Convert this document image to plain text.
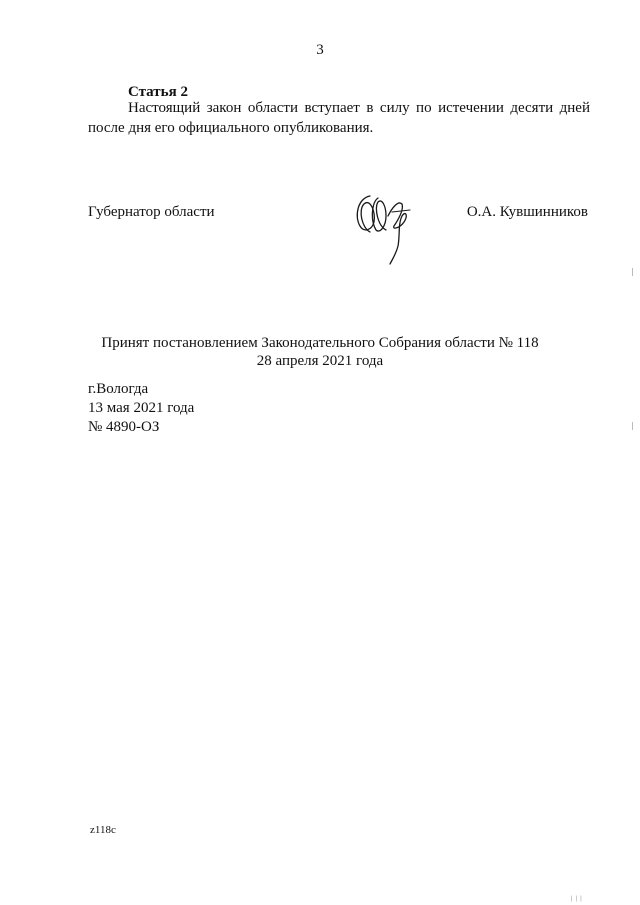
3
Статья 2
Настоящий закон области вступает в силу по истечении десяти дней
после дня его официального опубликования.
Губернатор области	О.А. Кувшинников
Принят постановлением Законодательного Собрания области № 118
28 апреля 2021 года
г.Вологда
13 мая 2021 года
№ 4890-ОЗ
z118c
| | |
